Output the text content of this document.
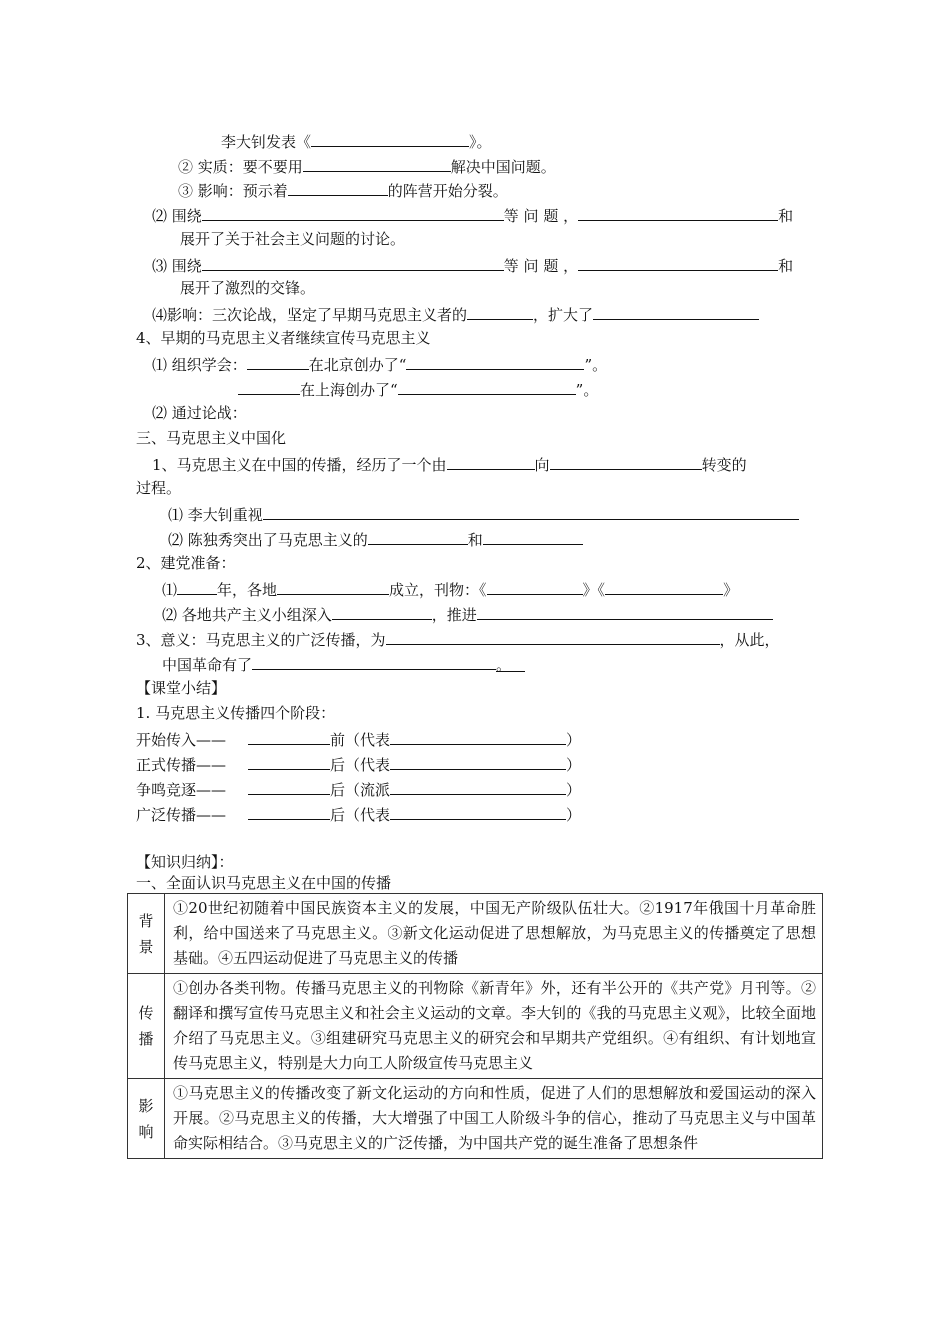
李大钊发表《	》。
② 实质：要不要用	解决中国问题。
③ 影响：预示着	的阵营开始分裂。
⑵ 围绕	等 问 题 ，	和
展开了关于社会主义问题的讨论。
⑶ 围绕	等 问 题 ，	和
展开了激烈的交锋。
⑷影响：三次论战，坚定了早期马克思主义者的	，扩大了
4、早期的马克思主义者继续宣传马克思主义
⑴ 组织学会：	在北京创办了“	”。
在上海创办了“	”。
⑵ 通过论战：
三、马克思主义中国化
1、马克思主义在中国的传播，经历了一个由	向	转变的
过程。
⑴ 李大钊重视
⑵ 陈独秀突出了马克思主义的	和
2、建党准备：
⑴	年，各地	成立，刊物：《	》《	》
⑵ 各地共产主义小组深入	，推进
3、意义：马克思主义的广泛传播，为	，从此，
中国革命有了	。
【课堂小结】
1. 马克思主义传播四个阶段：
开始传入——	前（代表	）
正式传播——	后（代表	）
争鸣竞逐——	后（流派	）
广泛传播——	后（代表	）
【知识归纳】：
一、全面认识马克思主义在中国的传播
背景	①20世纪初随着中国民族资本主义的发展，中国无产阶级队伍壮大。②1917年俄国十月革命胜利，给中国送来了马克思主义。③新文化运动促进了思想解放，为马克思主义的传播奠定了思想基础。④五四运动促进了马克思主义的传播
传播	①创办各类刊物。传播马克思主义的刊物除《新青年》外，还有半公开的《共产党》月刊等。②翻译和撰写宣传马克思主义和社会主义运动的文章。李大钊的《我的马克思主义观》，比较全面地介绍了马克思主义。③组建研究马克思主义的研究会和早期共产党组织。④有组织、有计划地宣传马克思主义，特别是大力向工人阶级宣传马克思主义
影响	①马克思主义的传播改变了新文化运动的方向和性质，促进了人们的思想解放和爱国运动的深入开展。②马克思主义的传播，大大增强了中国工人阶级斗争的信心，推动了马克思主义与中国革命实际相结合。③马克思主义的广泛传播，为中国共产党的诞生准备了思想条件
